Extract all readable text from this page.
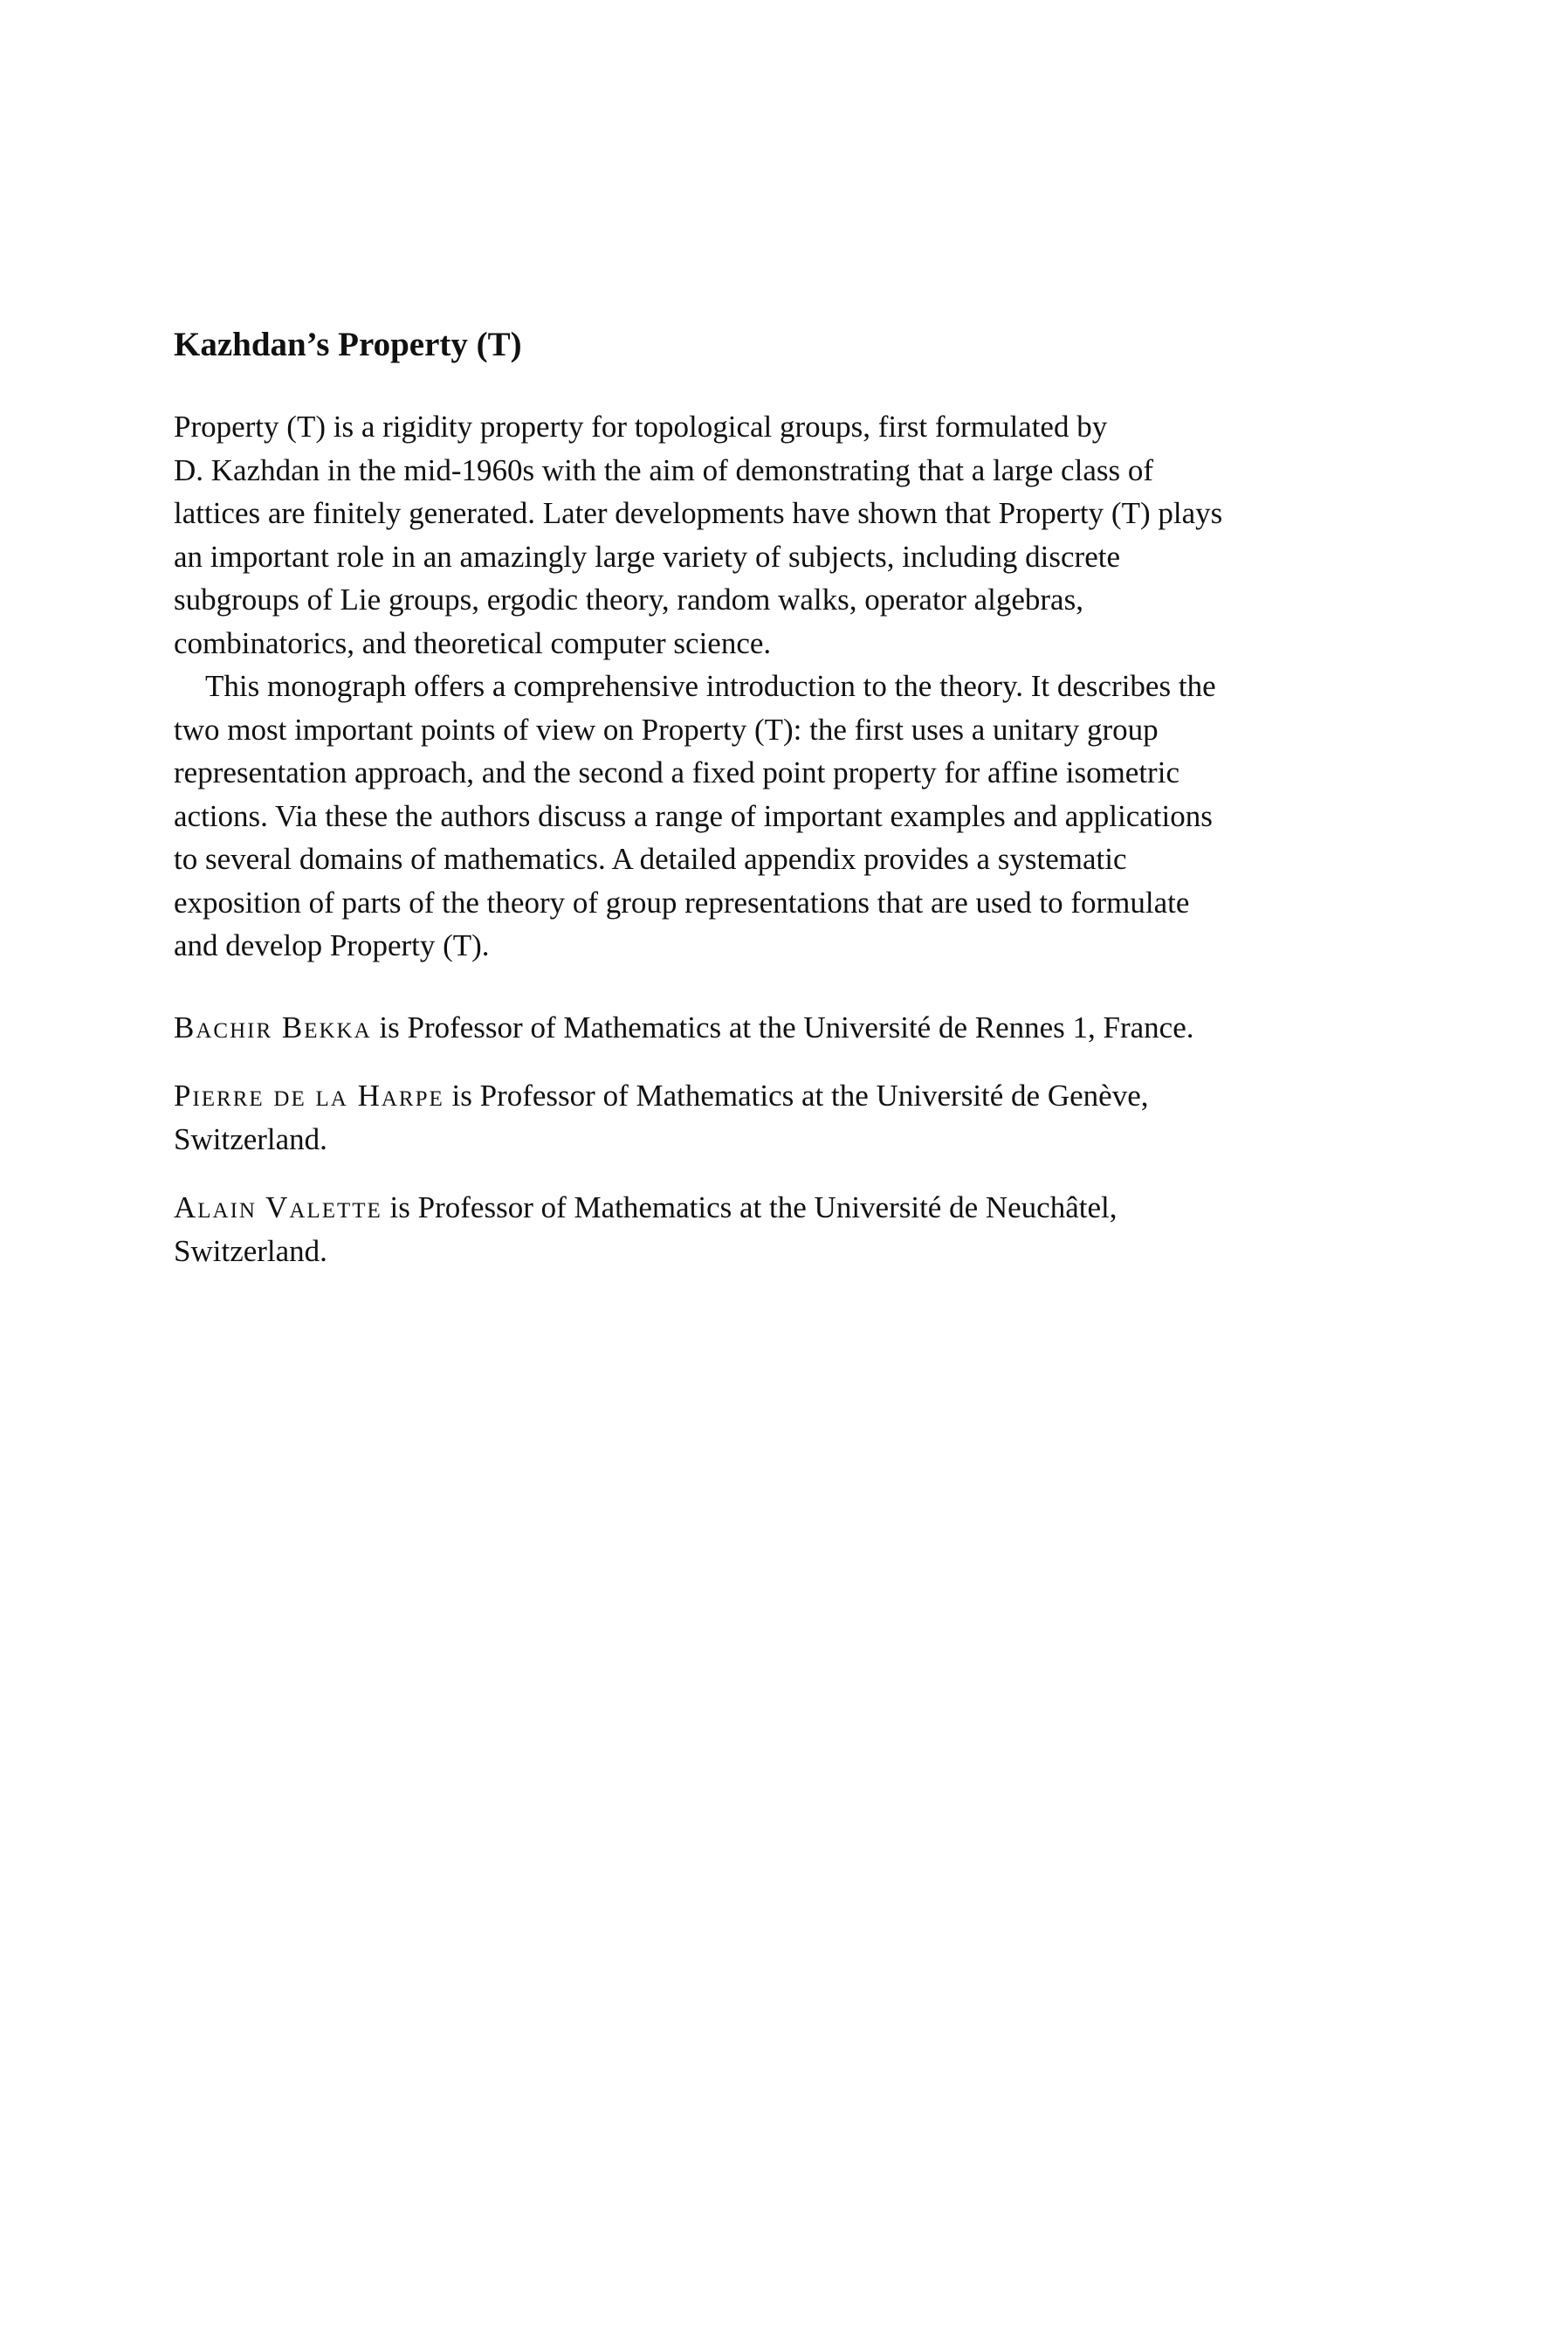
Kazhdan’s Property (T)

Property (T) is a rigidity property for topological groups, first formulated by
D. Kazhdan in the mid-1960s with the aim of demonstrating that a large class of
lattices are finitely generated. Later developments have shown that Property (T) plays
an important role in an amazingly large variety of subjects, including discrete
subgroups of Lie groups, ergodic theory, random walks, operator algebras,
combinatorics, and theoretical computer science.

This monograph offers a comprehensive introduction to the theory. It describes the
two most important points of view on Property (T): the first uses a unitary group
representation approach, and the second a fixed point property for affine isometric
actions. Via these the authors discuss a range of important examples and applications
to several domains of mathematics. A detailed appendix provides a systematic
exposition of parts of the theory of group representations that are used to formulate
and develop Property (T).

Bachir Bekka is Professor of Mathematics at the Université de Rennes 1, France.

Pierre de la Harpe is Professor of Mathematics at the Université de Genève,
Switzerland.

Alain Valette is Professor of Mathematics at the Université de Neuchâtel,
Switzerland.
